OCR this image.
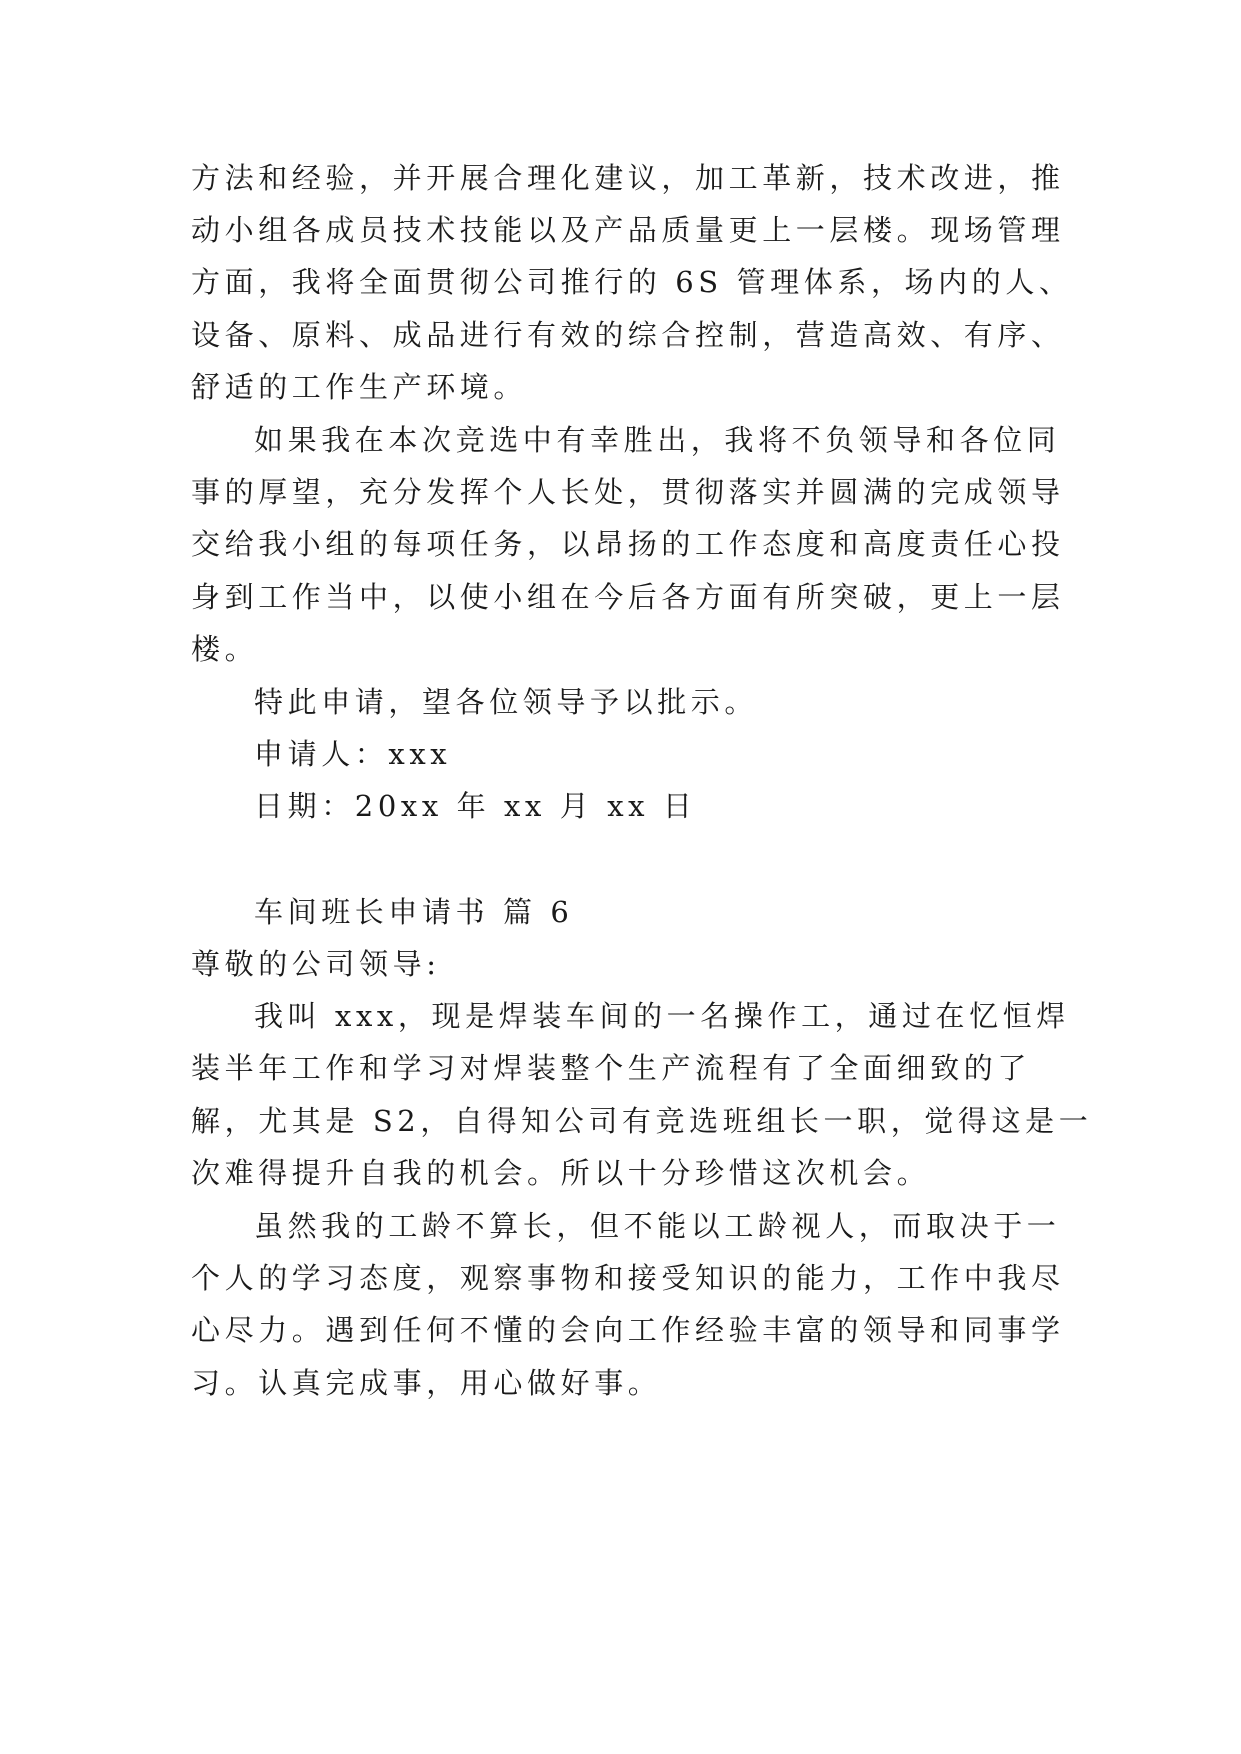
方法和经验，并开展合理化建议，加工革新，技术改进，推
动小组各成员技术技能以及产品质量更上一层楼。现场管理
方面，我将全面贯彻公司推行的 6S 管理体系，场内的人、
设备、原料、成品进行有效的综合控制，营造高效、有序、
舒适的工作生产环境。
如果我在本次竞选中有幸胜出，我将不负领导和各位同
事的厚望，充分发挥个人长处，贯彻落实并圆满的完成领导
交给我小组的每项任务，以昂扬的工作态度和高度责任心投
身到工作当中，以使小组在今后各方面有所突破，更上一层
楼。
特此申请，望各位领导予以批示。
申请人：xxx
日期：20xx 年 xx 月 xx 日
车间班长申请书 篇 6
尊敬的公司领导:
我叫 xxx，现是焊装车间的一名操作工，通过在忆恒焊
装半年工作和学习对焊装整个生产流程有了全面细致的了
解，尤其是 S2，自得知公司有竞选班组长一职，觉得这是一
次难得提升自我的机会。所以十分珍惜这次机会。
虽然我的工龄不算长，但不能以工龄视人，而取决于一
个人的学习态度，观察事物和接受知识的能力，工作中我尽
心尽力。遇到任何不懂的会向工作经验丰富的领导和同事学
习。认真完成事，用心做好事。
